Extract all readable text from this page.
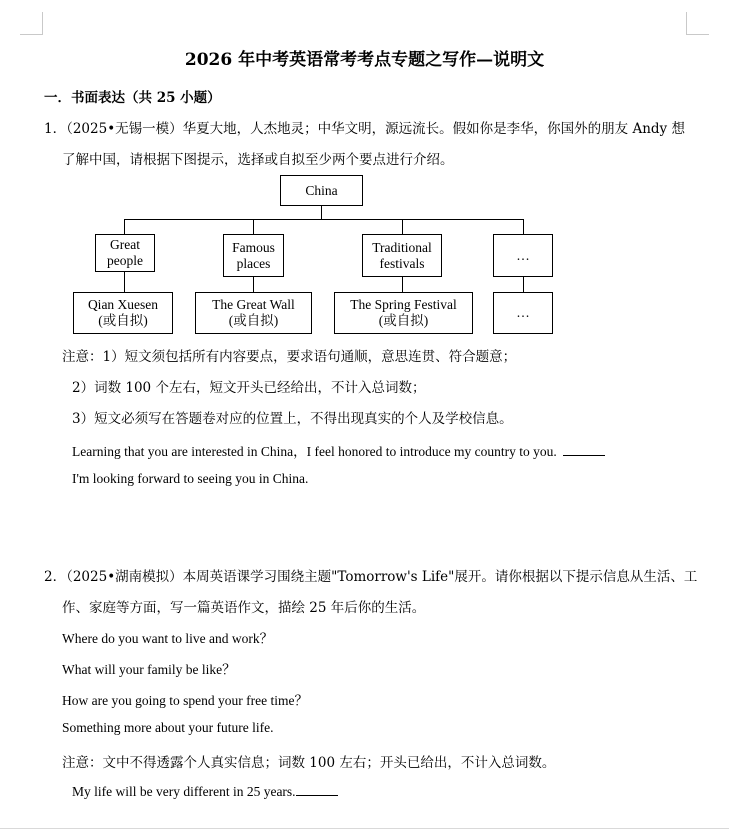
2026 年中考英语常考考点专题之写作—说明文
一．书面表达（共 25 小题）
1．（2025•无锡一模）华夏大地，人杰地灵；中华文明，源远流长。假如你是李华，你国外的朋友 Andy 想
了解中国，请根据下图提示，选择或自拟至少两个要点进行介绍。
China
Great
people
Famous
places
Traditional
festivals
…
Qian Xuesen
(或自拟)
The Great Wall
(或自拟)
The Spring Festival
(或自拟)
…
注意：1）短文须包括所有内容要点，要求语句通顺，意思连贯、符合题意；
2）词数 100 个左右，短文开头已经给出，不计入总词数；
3）短文必须写在答题卷对应的位置上，不得出现真实的个人及学校信息。
Learning that you are interested in China，I feel honored to introduce my country to you.
I'm looking forward to seeing you in China.
2．（2025•湖南模拟）本周英语课学习围绕主题"Tomorrow's Life"展开。请你根据以下提示信息从生活、工
作、家庭等方面，写一篇英语作文，描绘 25 年后你的生活。
Where do you want to live and work？
What will your family be like？
How are you going to spend your free time？
Something more about your future life.
注意：文中不得透露个人真实信息；词数 100 左右；开头已给出，不计入总词数。
My life will be very different in 25 years.
